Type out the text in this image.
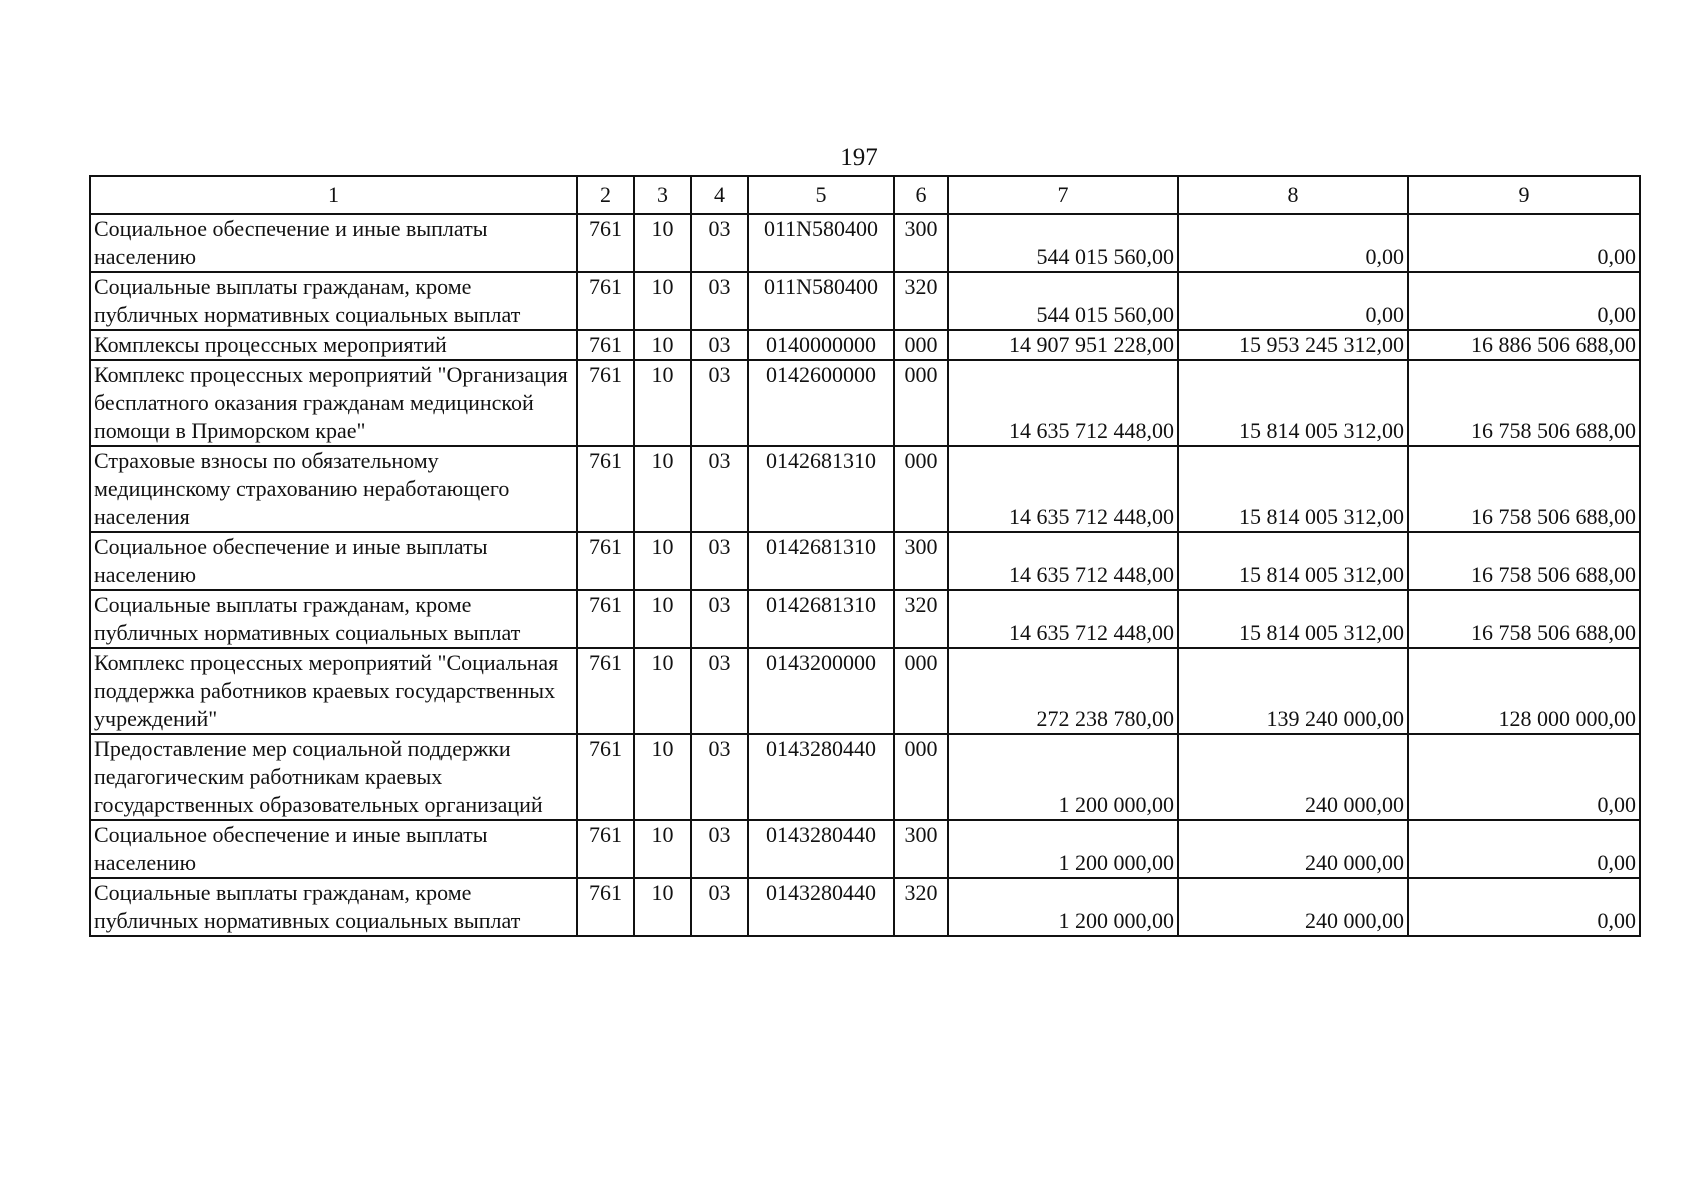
197
1	2	3	4	5	6	7	8	9
Социальное обеспечение и иные выплаты населению	761	10	03	011N580400	300	544 015 560,00	0,00	0,00
Социальные выплаты гражданам, кроме публичных нормативных социальных выплат	761	10	03	011N580400	320	544 015 560,00	0,00	0,00
Комплексы процессных мероприятий	761	10	03	0140000000	000	14 907 951 228,00	15 953 245 312,00	16 886 506 688,00
Комплекс процессных мероприятий "Организация бесплатного оказания гражданам медицинской помощи в Приморском крае"	761	10	03	0142600000	000	14 635 712 448,00	15 814 005 312,00	16 758 506 688,00
Страховые взносы по обязательному медицинскому страхованию неработающего населения	761	10	03	0142681310	000	14 635 712 448,00	15 814 005 312,00	16 758 506 688,00
Социальное обеспечение и иные выплаты населению	761	10	03	0142681310	300	14 635 712 448,00	15 814 005 312,00	16 758 506 688,00
Социальные выплаты гражданам, кроме публичных нормативных социальных выплат	761	10	03	0142681310	320	14 635 712 448,00	15 814 005 312,00	16 758 506 688,00
Комплекс процессных мероприятий "Социальная поддержка работников краевых государственных учреждений"	761	10	03	0143200000	000	272 238 780,00	139 240 000,00	128 000 000,00
Предоставление мер социальной поддержки педагогическим работникам краевых государственных образовательных организаций	761	10	03	0143280440	000	1 200 000,00	240 000,00	0,00
Социальное обеспечение и иные выплаты населению	761	10	03	0143280440	300	1 200 000,00	240 000,00	0,00
Социальные выплаты гражданам, кроме публичных нормативных социальных выплат	761	10	03	0143280440	320	1 200 000,00	240 000,00	0,00
